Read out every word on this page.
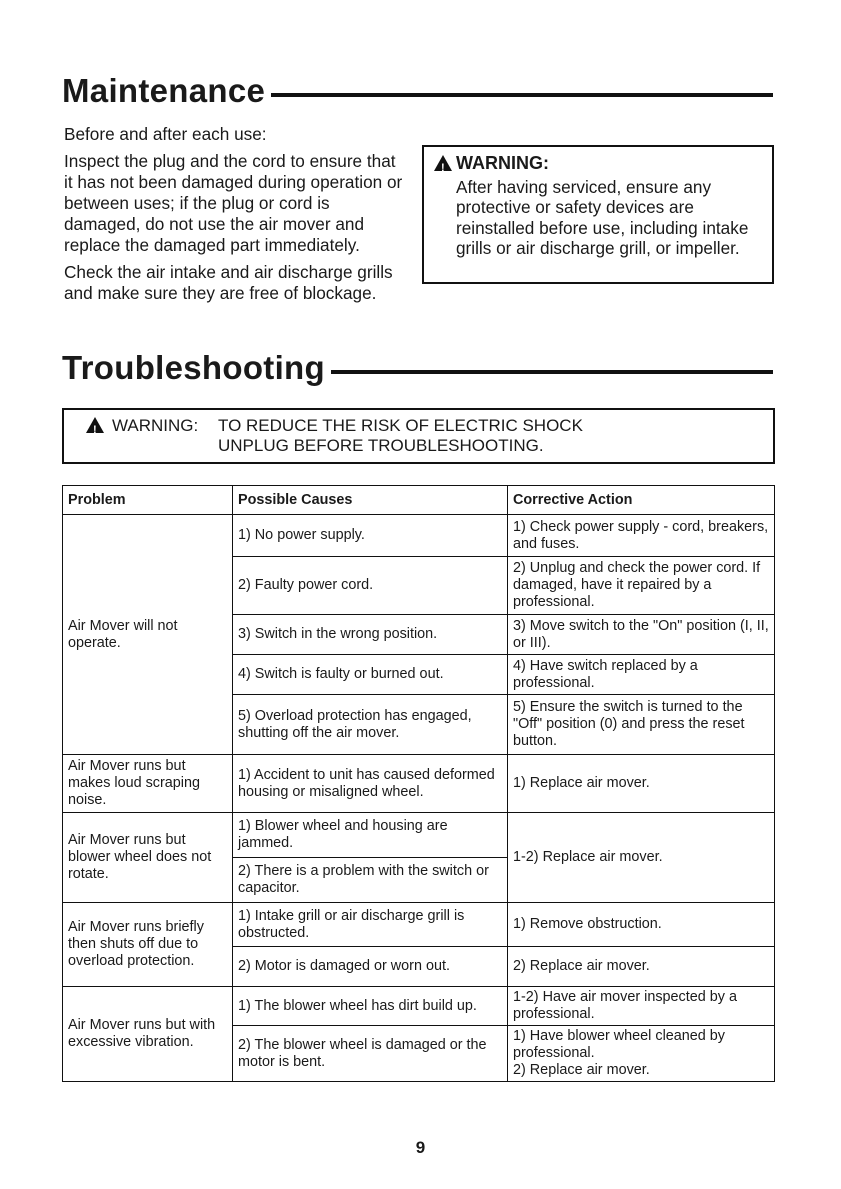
Maintenance

Before and after each use:

Inspect the plug and the cord to ensure that it has not been damaged during operation or between uses; if the plug or cord is damaged, do not use the air mover and replace the damaged part immediately.

Check the air intake and air discharge grills and make sure they are free of blockage.

!
WARNING:
After having serviced, ensure any protective or safety devices are reinstalled before use, including intake grills or air discharge grill, or impeller.
Troubleshooting
!
WARNING: TO REDUCE THE RISK OF ELECTRIC SHOCK
UNPLUG BEFORE TROUBLESHOOTING.
Problem	Possible Causes	Corrective Action
Air Mover will not operate.	1) No power supply.	1) Check power supply - cord, breakers, and fuses.
	2) Faulty power cord.	2) Unplug and check the power cord. If damaged, have it repaired by a professional.
	3) Switch in the wrong position.	3) Move switch to the "On" position (I, II, or III).
	4) Switch is faulty or burned out.	4) Have switch replaced by a professional.
	5) Overload protection has engaged, shutting off the air mover.	5) Ensure the switch is turned to the "Off" position (0) and press the reset button.
Air Mover runs but makes loud scraping noise.	1) Accident to unit has caused deformed housing or misaligned wheel.	1) Replace air mover.
Air Mover runs but blower wheel does not rotate.	1) Blower wheel and housing are jammed.	1-2) Replace air mover.
	2) There is a problem with the switch or capacitor.	
Air Mover runs briefly then shuts off due to overload protection.	1) Intake grill or air discharge grill is obstructed.	1) Remove obstruction.
	2) Motor is damaged or worn out.	2) Replace air mover.
Air Mover runs but with excessive vibration.	1) The blower wheel has dirt build up.	1-2) Have air mover inspected by a professional.
	2) The blower wheel is damaged or the motor is bent.	1) Have blower wheel cleaned by professional.
2) Replace air mover.
9
